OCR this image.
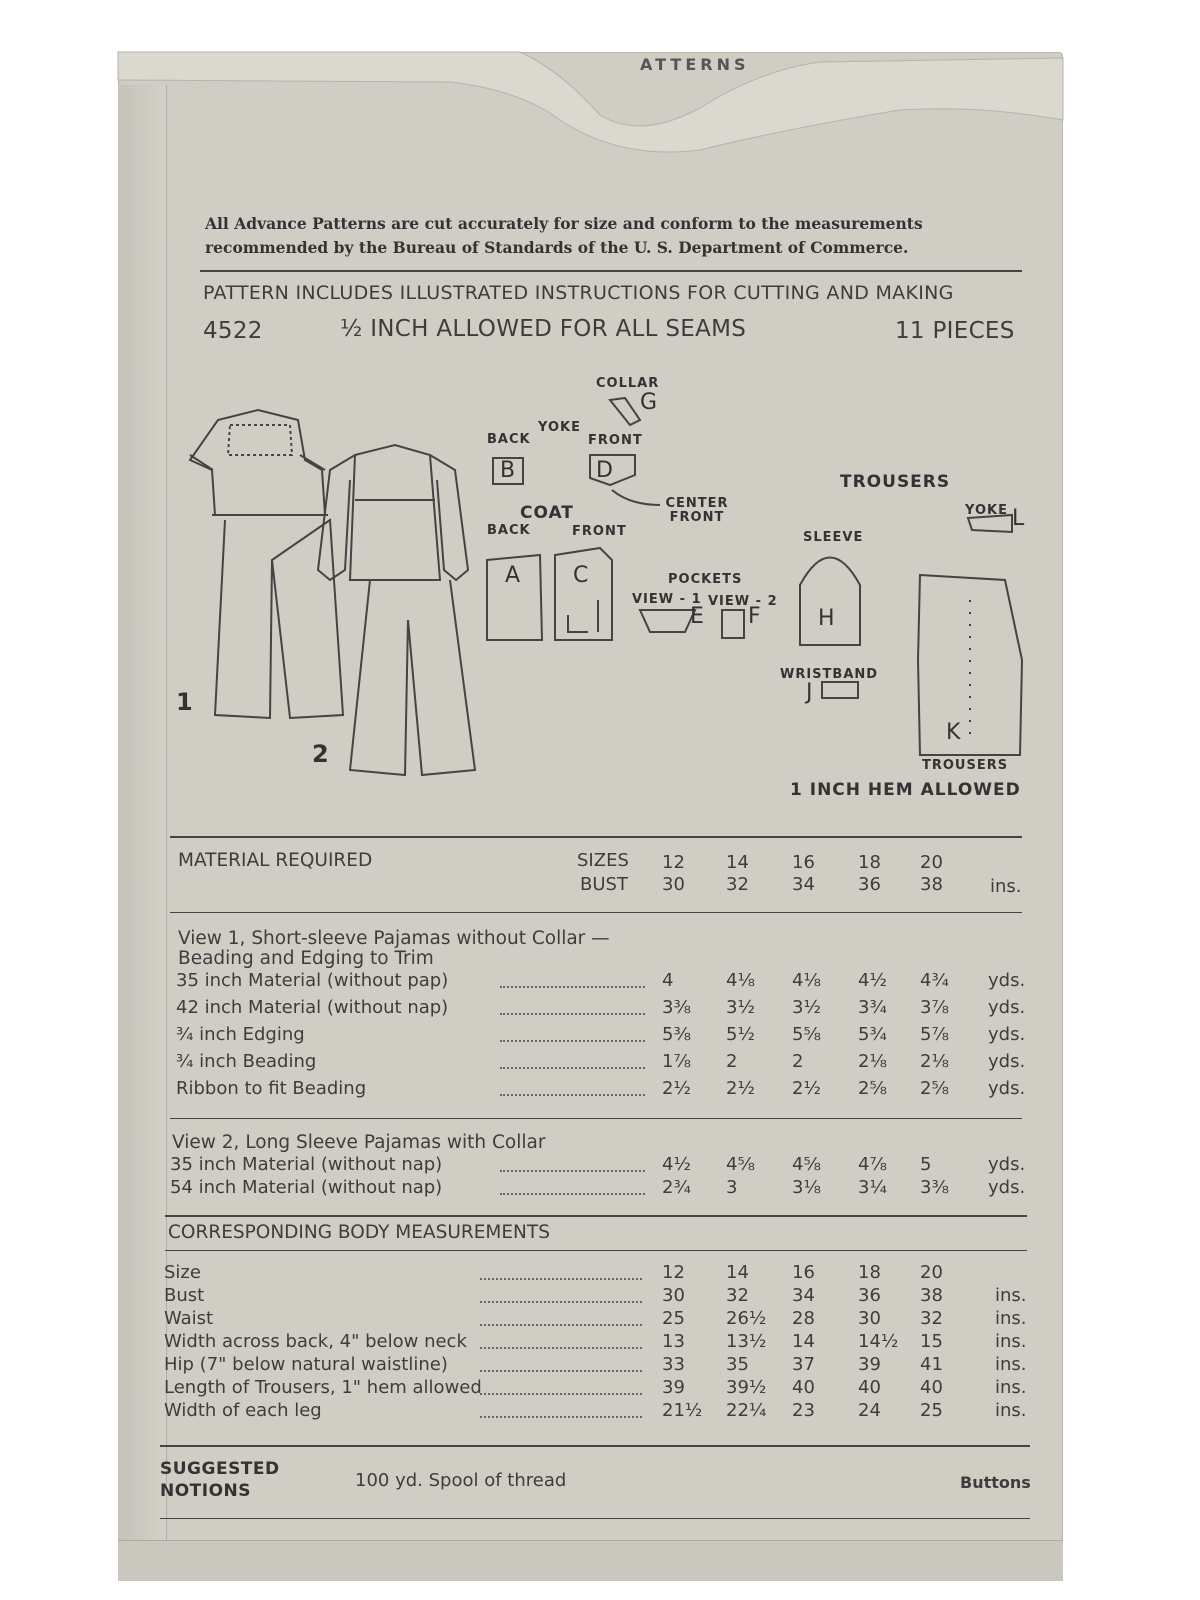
ATTERNS
All Advance Patterns are cut accurately for size and conform to the measurements recommended by the Bureau of Standards of the U. S. Department of Commerce.
PATTERN INCLUDES ILLUSTRATED INSTRUCTIONS FOR CUTTING AND MAKING
4522	½ INCH ALLOWED FOR ALL SEAMS	11 PIECES
1
2
COLLAR
G
YOKE
BACK
B
FRONT
D
CENTER FRONT
COAT
BACK
A
FRONT
C	POCKETS
VIEW - 1
E
VIEW - 2
F
TROUSERS
YOKE L
SLEEVE
H
WRISTBAND
J
K
TROUSERS
1 INCH HEM ALLOWED
MATERIAL REQUIRED	SIZES
BUST
12 14 16 18 20
30 32 34 36 38	ins.
View 1, Short-sleeve Pajamas without Collar —
Beading and Edging to Trim
35 inch Material (without pap)	4	4⅛ 4⅛ 4½ 4¾ yds.
42 inch Material (without nap)	3⅜ 3½ 3½ 3¾ 3⅞ yds.
¾ inch Edging	5⅜ 5½ 5⅝ 5¾ 5⅞ yds.
¾ inch Beading	1⅞ 2	2	2⅛ 2⅛ yds.
Ribbon to fit Beading	2½ 2½ 2½ 2⅝ 2⅝ yds.
View 2, Long Sleeve Pajamas with Collar
35 inch Material (without nap)	4½ 4⅝ 4⅝ 4⅞ 5	yds.
54 inch Material (without nap)	2¾ 3	3⅛ 3¼ 3⅜ yds.
CORRESPONDING BODY MEASUREMENTS
Size	12 14 16 18 20
Bust	30 32 34 36 38	ins.
Waist	25 26½ 28 30 32	ins.
Width across back, 4" below neck	13 13½ 14 14½ 15	ins.
Hip (7" below natural waistline)	33 35 37 39 41	ins.
Length of Trousers, 1" hem allowed	39 39½ 40 40 40	ins.
Width of each leg	21½ 22¼ 23 24 25	ins.
SUGGESTED
NOTIONS	100 yd. Spool of thread	Buttons
